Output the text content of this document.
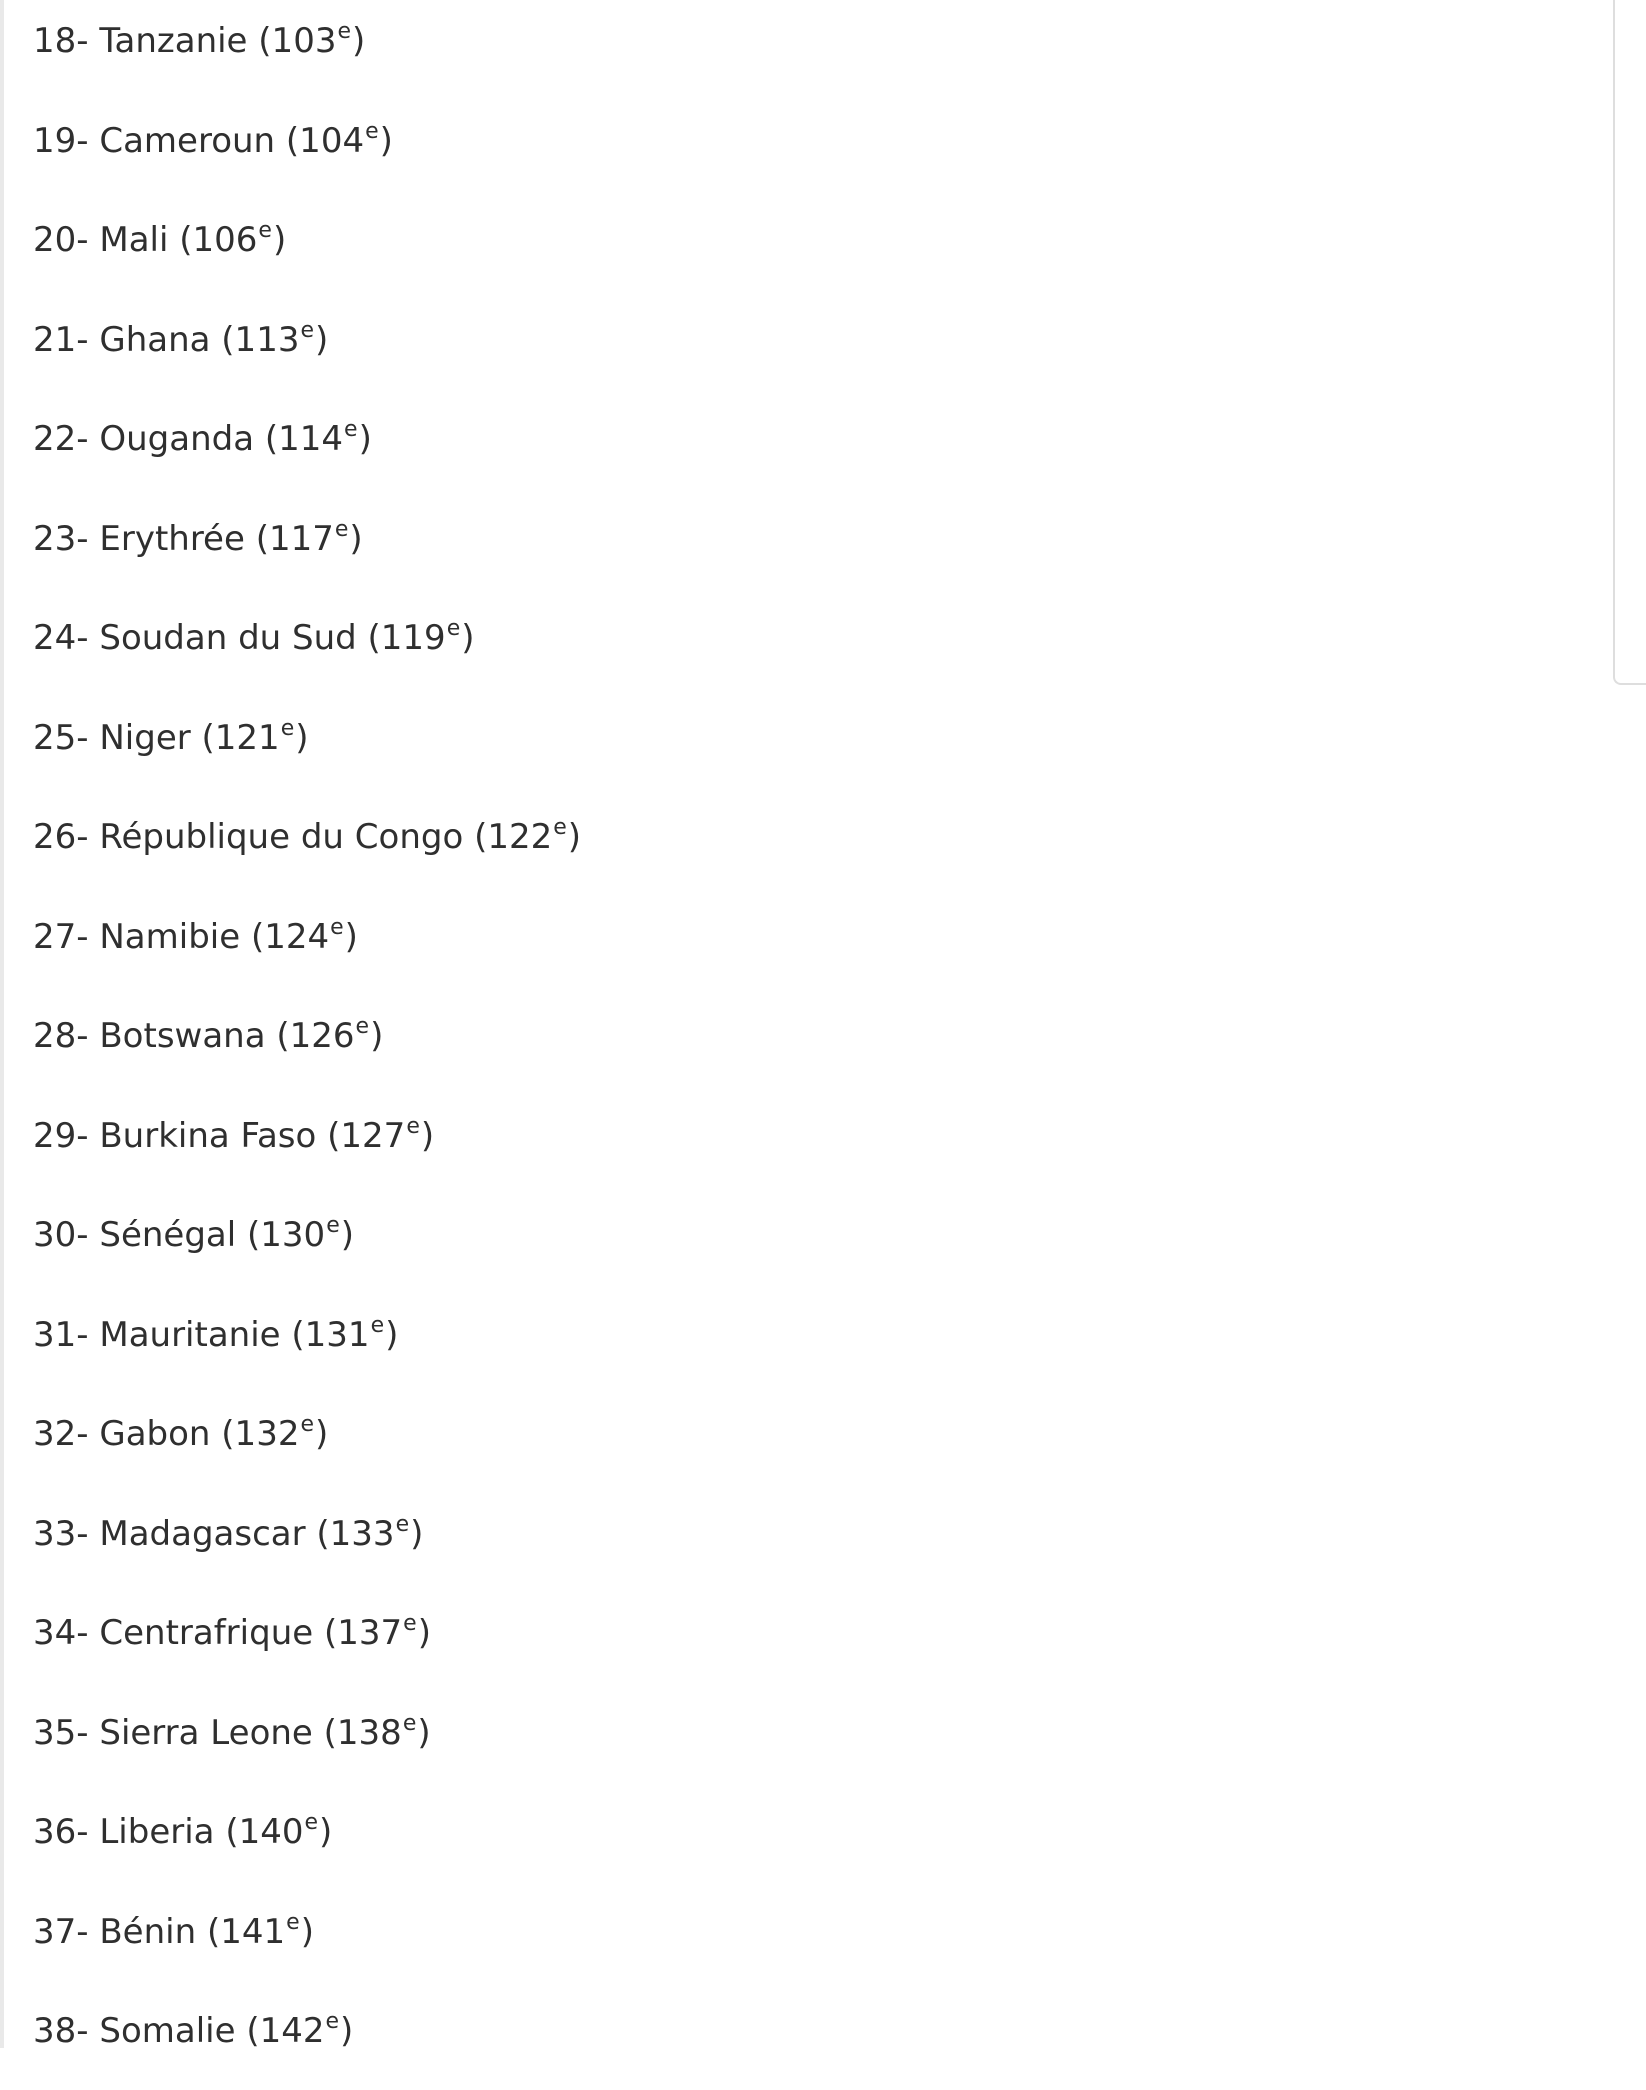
18- Tanzanie (103e)
19- Cameroun (104e)
20- Mali (106e)
21- Ghana (113e)
22- Ouganda (114e)
23- Erythrée (117e)
24- Soudan du Sud (119e)
25- Niger (121e)
26- République du Congo (122e)
27- Namibie (124e)
28- Botswana (126e)
29- Burkina Faso (127e)
30- Sénégal (130e)
31- Mauritanie (131e)
32- Gabon (132e)
33- Madagascar (133e)
34- Centrafrique (137e)
35- Sierra Leone (138e)
36- Liberia (140e)
37- Bénin (141e)
38- Somalie (142e)
